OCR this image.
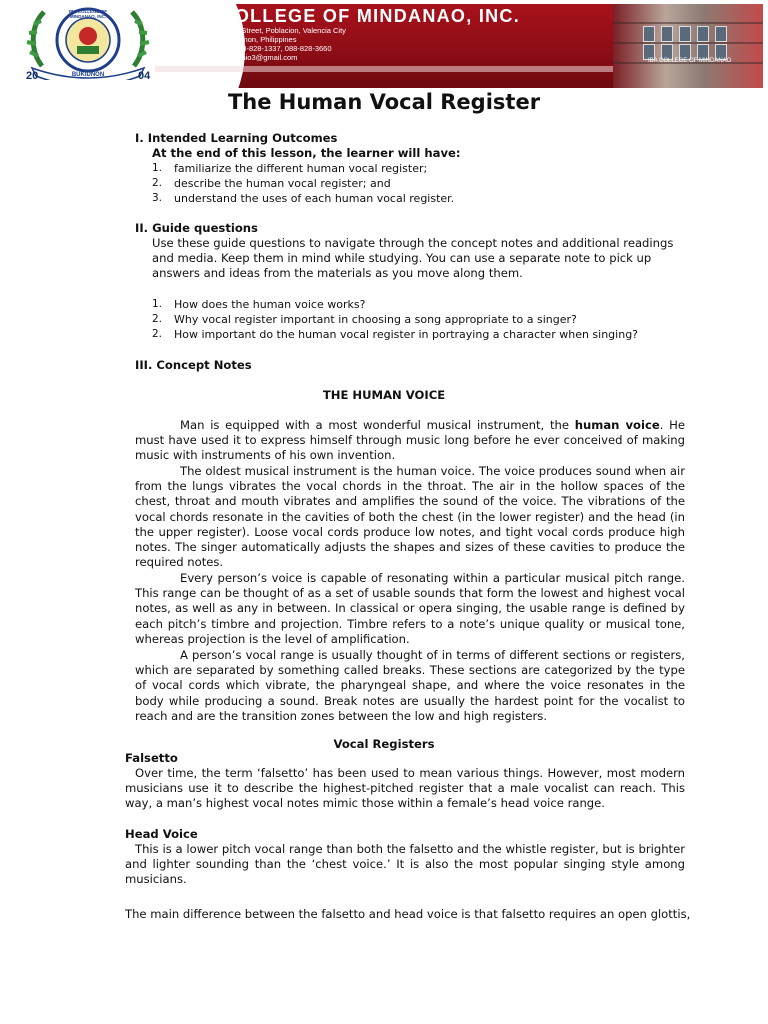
IBA COLLEGE OF MINDANAO
IBA COLLEGE OF MINDANAO, INC.
BUKIDNON
20	04
IBA COLLEGE OF MINDANAO, INC.
TN Pepito Street, Poblacion, Valencia City
8709 Bukidnon, Philippines
Telefax: 088-828-1337, 088-828-3660
irenebantonio3@gmail.com
The Human Vocal Register
I. Intended Learning Outcomes
At the end of this lesson, the learner will have:
1. familiarize the different human vocal register;
2. describe the human vocal register; and
3. understand the uses of each human vocal register.
II. Guide questions
Use these guide questions to navigate through the concept notes and additional readings and media. Keep them in mind while studying. You can use a separate note to pick up answers and ideas from the materials as you move along them.
1. How does the human voice works?
2. Why vocal register important in choosing a song appropriate to a singer?
2. How important do the human vocal register in portraying a character when singing?
III. Concept Notes
THE HUMAN VOICE
Man is equipped with a most wonderful musical instrument, the human voice. He must have used it to express himself through music long before he ever conceived of making music with instruments of his own invention.
The oldest musical instrument is the human voice. The voice produces sound when air from the lungs vibrates the vocal chords in the throat. The air in the hollow spaces of the chest, throat and mouth vibrates and amplifies the sound of the voice. The vibrations of the vocal chords resonate in the cavities of both the chest (in the lower register) and the head (in the upper register). Loose vocal cords produce low notes, and tight vocal cords produce high notes. The singer automatically adjusts the shapes and sizes of these cavities to produce the required notes.
Every person’s voice is capable of resonating within a particular musical pitch range. This range can be thought of as a set of usable sounds that form the lowest and highest vocal notes, as well as any in between. In classical or opera singing, the usable range is defined by each pitch’s timbre and projection. Timbre refers to a note’s unique quality or musical tone, whereas projection is the level of amplification.
A person’s vocal range is usually thought of in terms of different sections or registers, which are separated by something called breaks. These sections are categorized by the type of vocal cords which vibrate, the pharyngeal shape, and where the voice resonates in the body while producing a sound. Break notes are usually the hardest point for the vocalist to reach and are the transition zones between the low and high registers.
Vocal Registers
Falsetto
Over time, the term ‘falsetto’ has been used to mean various things. However, most modern musicians use it to describe the highest-pitched register that a male vocalist can reach. This way, a man’s highest vocal notes mimic those within a female’s head voice range.
Head Voice
This is a lower pitch vocal range than both the falsetto and the whistle register, but is brighter and lighter sounding than the ‘chest voice.’ It is also the most popular singing style among musicians.
The main difference between the falsetto and head voice is that falsetto requires an open glottis,
